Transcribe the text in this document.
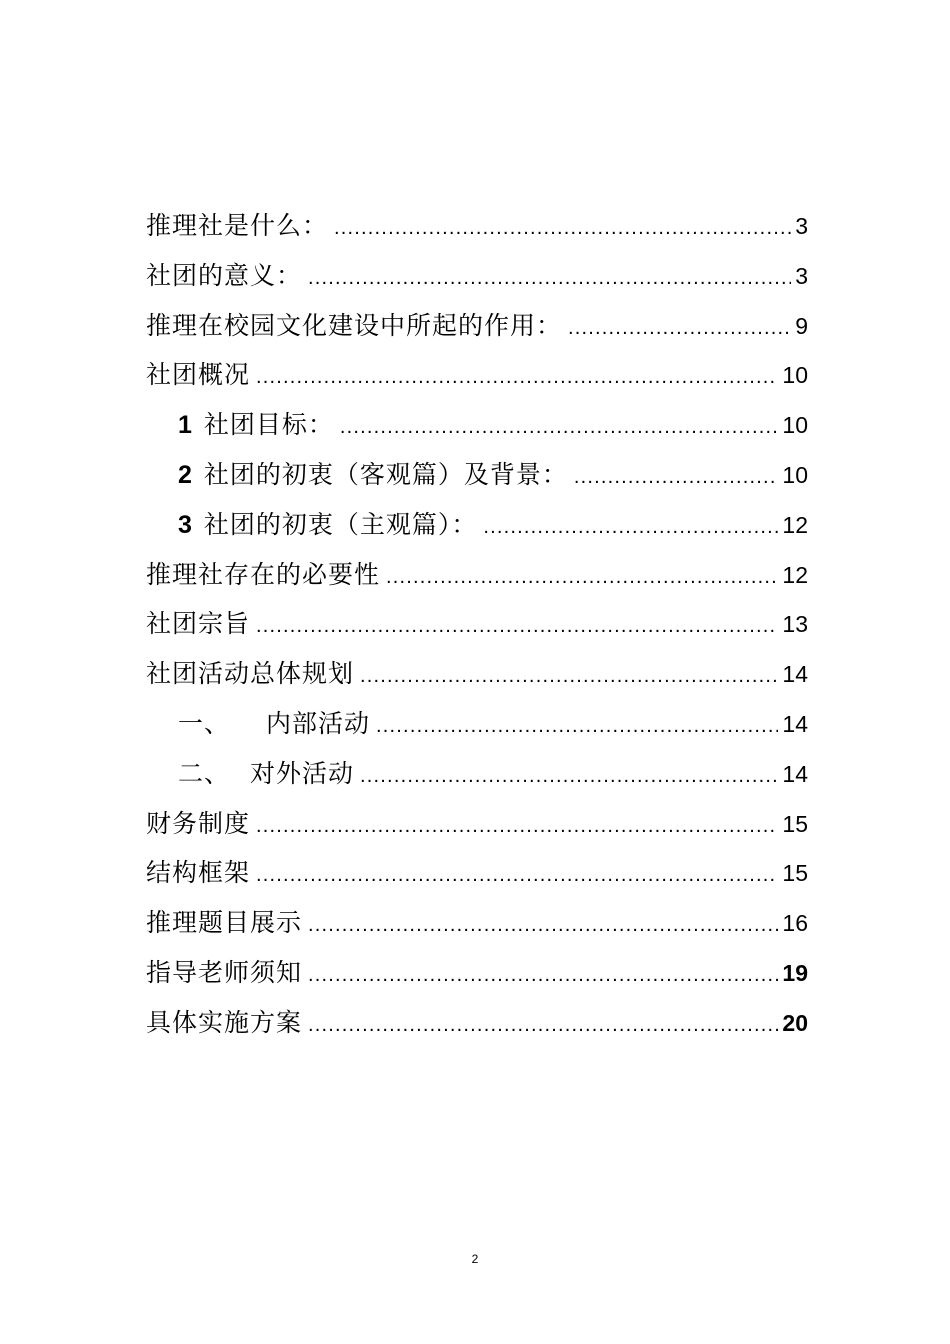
推理社是什么： .....	3
社团的意义： .....	3
推理在校园文化建设中所起的作用： .....	9
社团概况 .....	10
1 社团目标： .....	10
2 社团的初衷（客观篇）及背景： .....	10
3 社团的初衷（主观篇）： .....	12
推理社存在的必要性 .....	12
社团宗旨 .....	13
社团活动总体规划 .....	14
一、 内部活动 .....	14
二、 对外活动 .....	14
财务制度 .....	15
结构框架 .....	15
推理题目展示 .....	16
指导老师须知 .....	19
具体实施方案 .....	20
2
